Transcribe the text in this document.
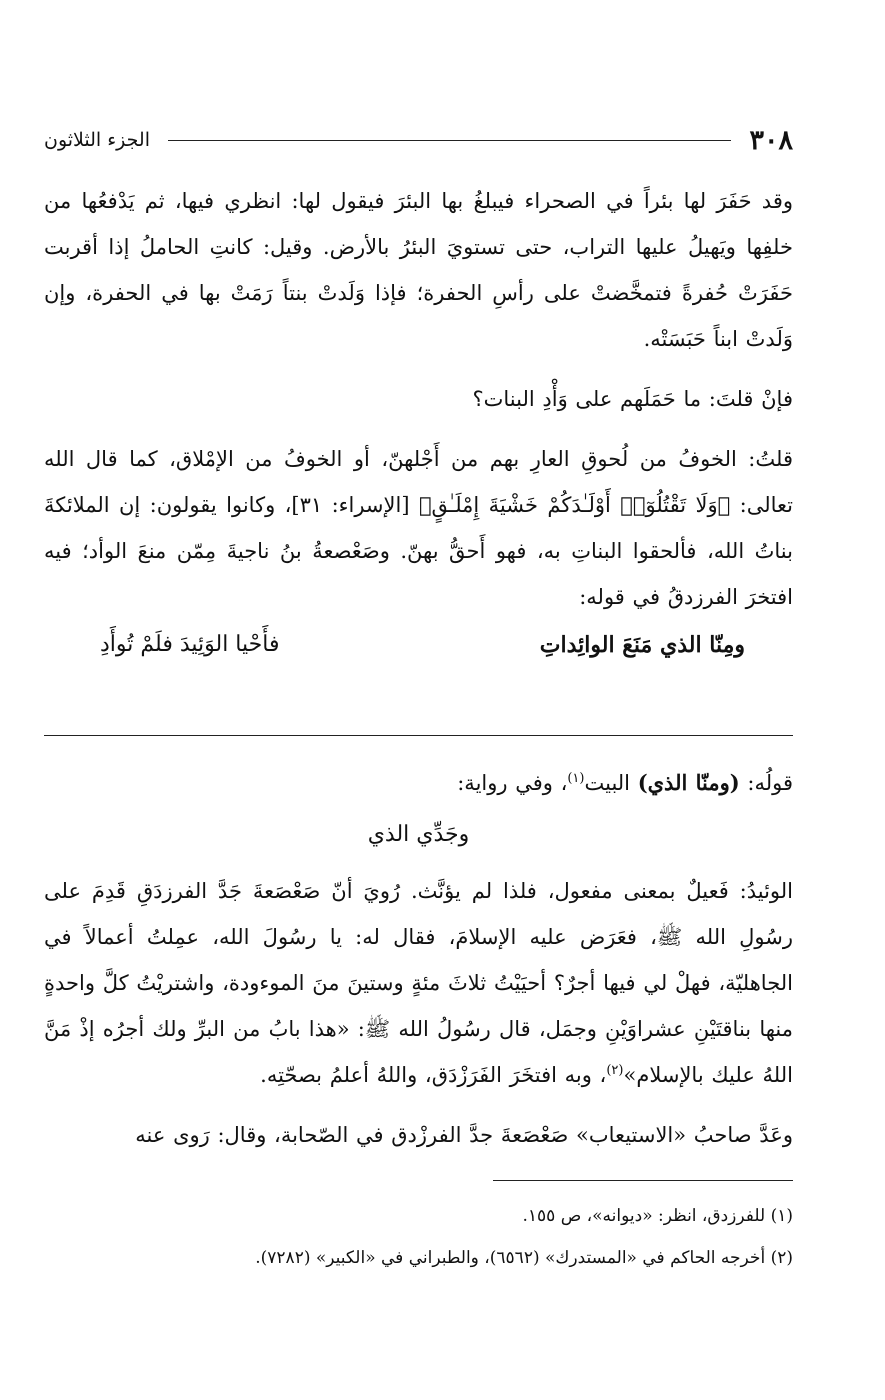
٣٠٨
الجزء الثلاثون

وقد حَفَرَ لها بئراً في الصحراء فيبلغُ بها البئرَ فيقول لها: انظري فيها، ثم يَدْفعُها من خلفِها ويَهيلُ عليها التراب، حتى تستويَ البئرُ بالأرض. وقيل: كانتِ الحاملُ إذا أقربت حَفَرَتْ حُفرةً فتمخَّضتْ على رأسِ الحفرة؛ فإذا وَلَدتْ بنتاً رَمَتْ بها في الحفرة، وإن وَلَدتْ ابناً حَبَسَتْه.

فإنْ قلتَ: ما حَمَلَهم على وَأْدِ البنات؟

قلتُ: الخوفُ من لُحوقِ العارِ بهم من أَجْلهنّ، أو الخوفُ من الإمْلاق، كما قال الله تعالى: ﴿وَلَا تَقْتُلُوٓا۟ أَوْلَـٰدَكُمْ خَشْيَةَ إِمْلَـٰقٍ﴾ [الإسراء: ٣١]، وكانوا يقولون: إن الملائكةَ بناتُ الله، فألحقوا البناتِ به، فهو أَحقُّ بهنّ. وصَعْصعةُ بنُ ناجيةَ مِمّن منعَ الوأد؛ فيه افتخرَ الفرزدقُ في قوله:

ومِنّا الذي مَنَعَ الوائِداتِ
فأَحْيا الوَئِيدَ فلَمْ تُوأَدِ

قولُه: (ومنّا الذي) البيت$^{(١)}$، وفي رواية:

وجَدِّي الذي

الوئيدُ: فَعيلٌ بمعنى مفعول، فلذا لم يؤنَّث. رُويَ أنّ صَعْصَعةَ جَدَّ الفرزدَقِ قَدِمَ على رسُولِ الله ﷺ، فعَرَض عليه الإسلامَ، فقال له: يا رسُولَ الله، عمِلتُ أعمالاً في الجاهليّة، فهلْ لي فيها أجرٌ؟ أحيَيْتُ ثلاثَ مئةٍ وستينَ منَ الموءودة، واشتريْتُ كلَّ واحدةٍ منها بناقتَيْنِ عشراوَيْنِ وجمَل، قال رسُولُ الله ﷺ: «هذا بابُ من البرِّ ولك أجرُه إذْ مَنَّ اللهُ عليك بالإسلام»$^{(٢)}$، وبه افتخَرَ الفَرَزْدَق، واللهُ أعلمُ بصحّتِه.

وعَدَّ صاحبُ «الاستيعاب» صَعْصَعةَ جدَّ الفرزْدق في الصّحابة، وقال: رَوى عنه

(١) للفرزدق، انظر: «ديوانه»، ص ١٥٥.

(٢) أخرجه الحاكم في «المستدرك» (٦٥٦٢)، والطبراني في «الكبير» (٧٢٨٢).
